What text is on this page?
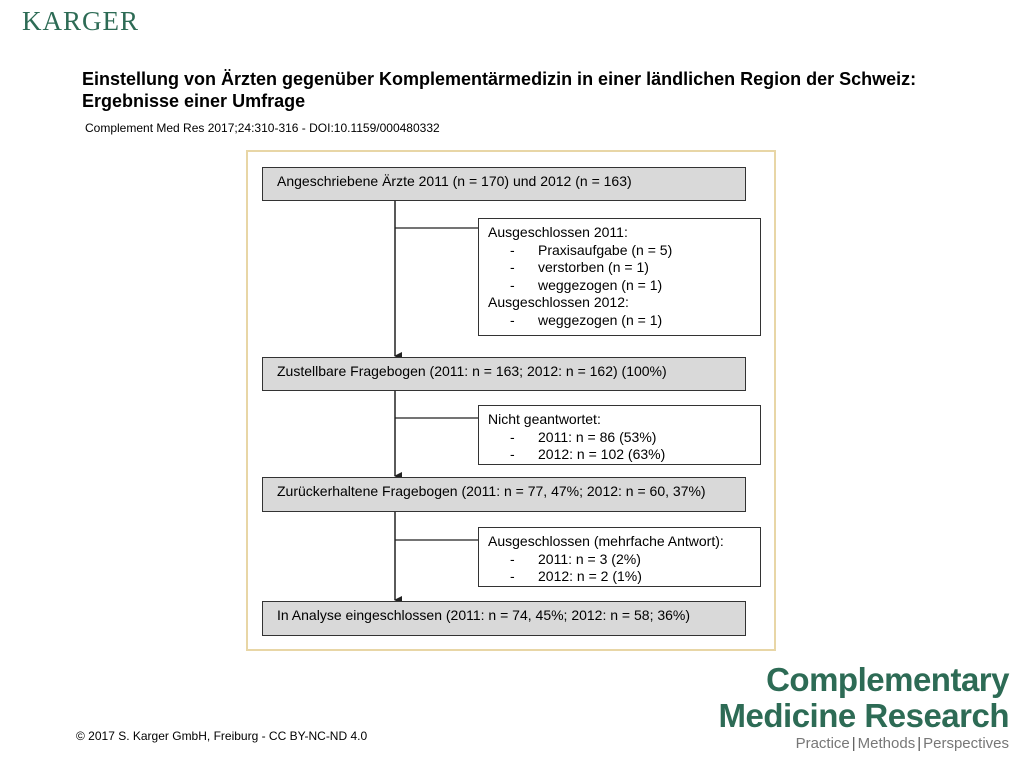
KARGER
Einstellung von Ärzten gegenüber Komplementärmedizin in einer ländlichen Region der Schweiz: Ergebnisse einer Umfrage
Complement Med Res 2017;24:310-316 - DOI:10.1159/000480332
Angeschriebene Ärzte 2011 (n = 170) und 2012 (n = 163)
Ausgeschlossen 2011:
- Praxisaufgabe (n = 5)
- verstorben (n = 1)
- weggezogen (n = 1)
Ausgeschlossen 2012:
- weggezogen (n = 1)
Zustellbare Fragebogen (2011: n = 163; 2012: n = 162) (100%)
Nicht geantwortet:
- 2011: n = 86 (53%)
- 2012: n = 102 (63%)
Zurückerhaltene Fragebogen (2011: n = 77, 47%; 2012: n = 60, 37%)
Ausgeschlossen (mehrfache Antwort):
- 2011: n = 3 (2%)
- 2012: n = 2 (1%)
In Analyse eingeschlossen (2011: n = 74, 45%; 2012: n = 58; 36%)
© 2017 S. Karger GmbH, Freiburg - CC BY-NC-ND 4.0
Complementary
Medicine Research
Practice | Methods | Perspectives
